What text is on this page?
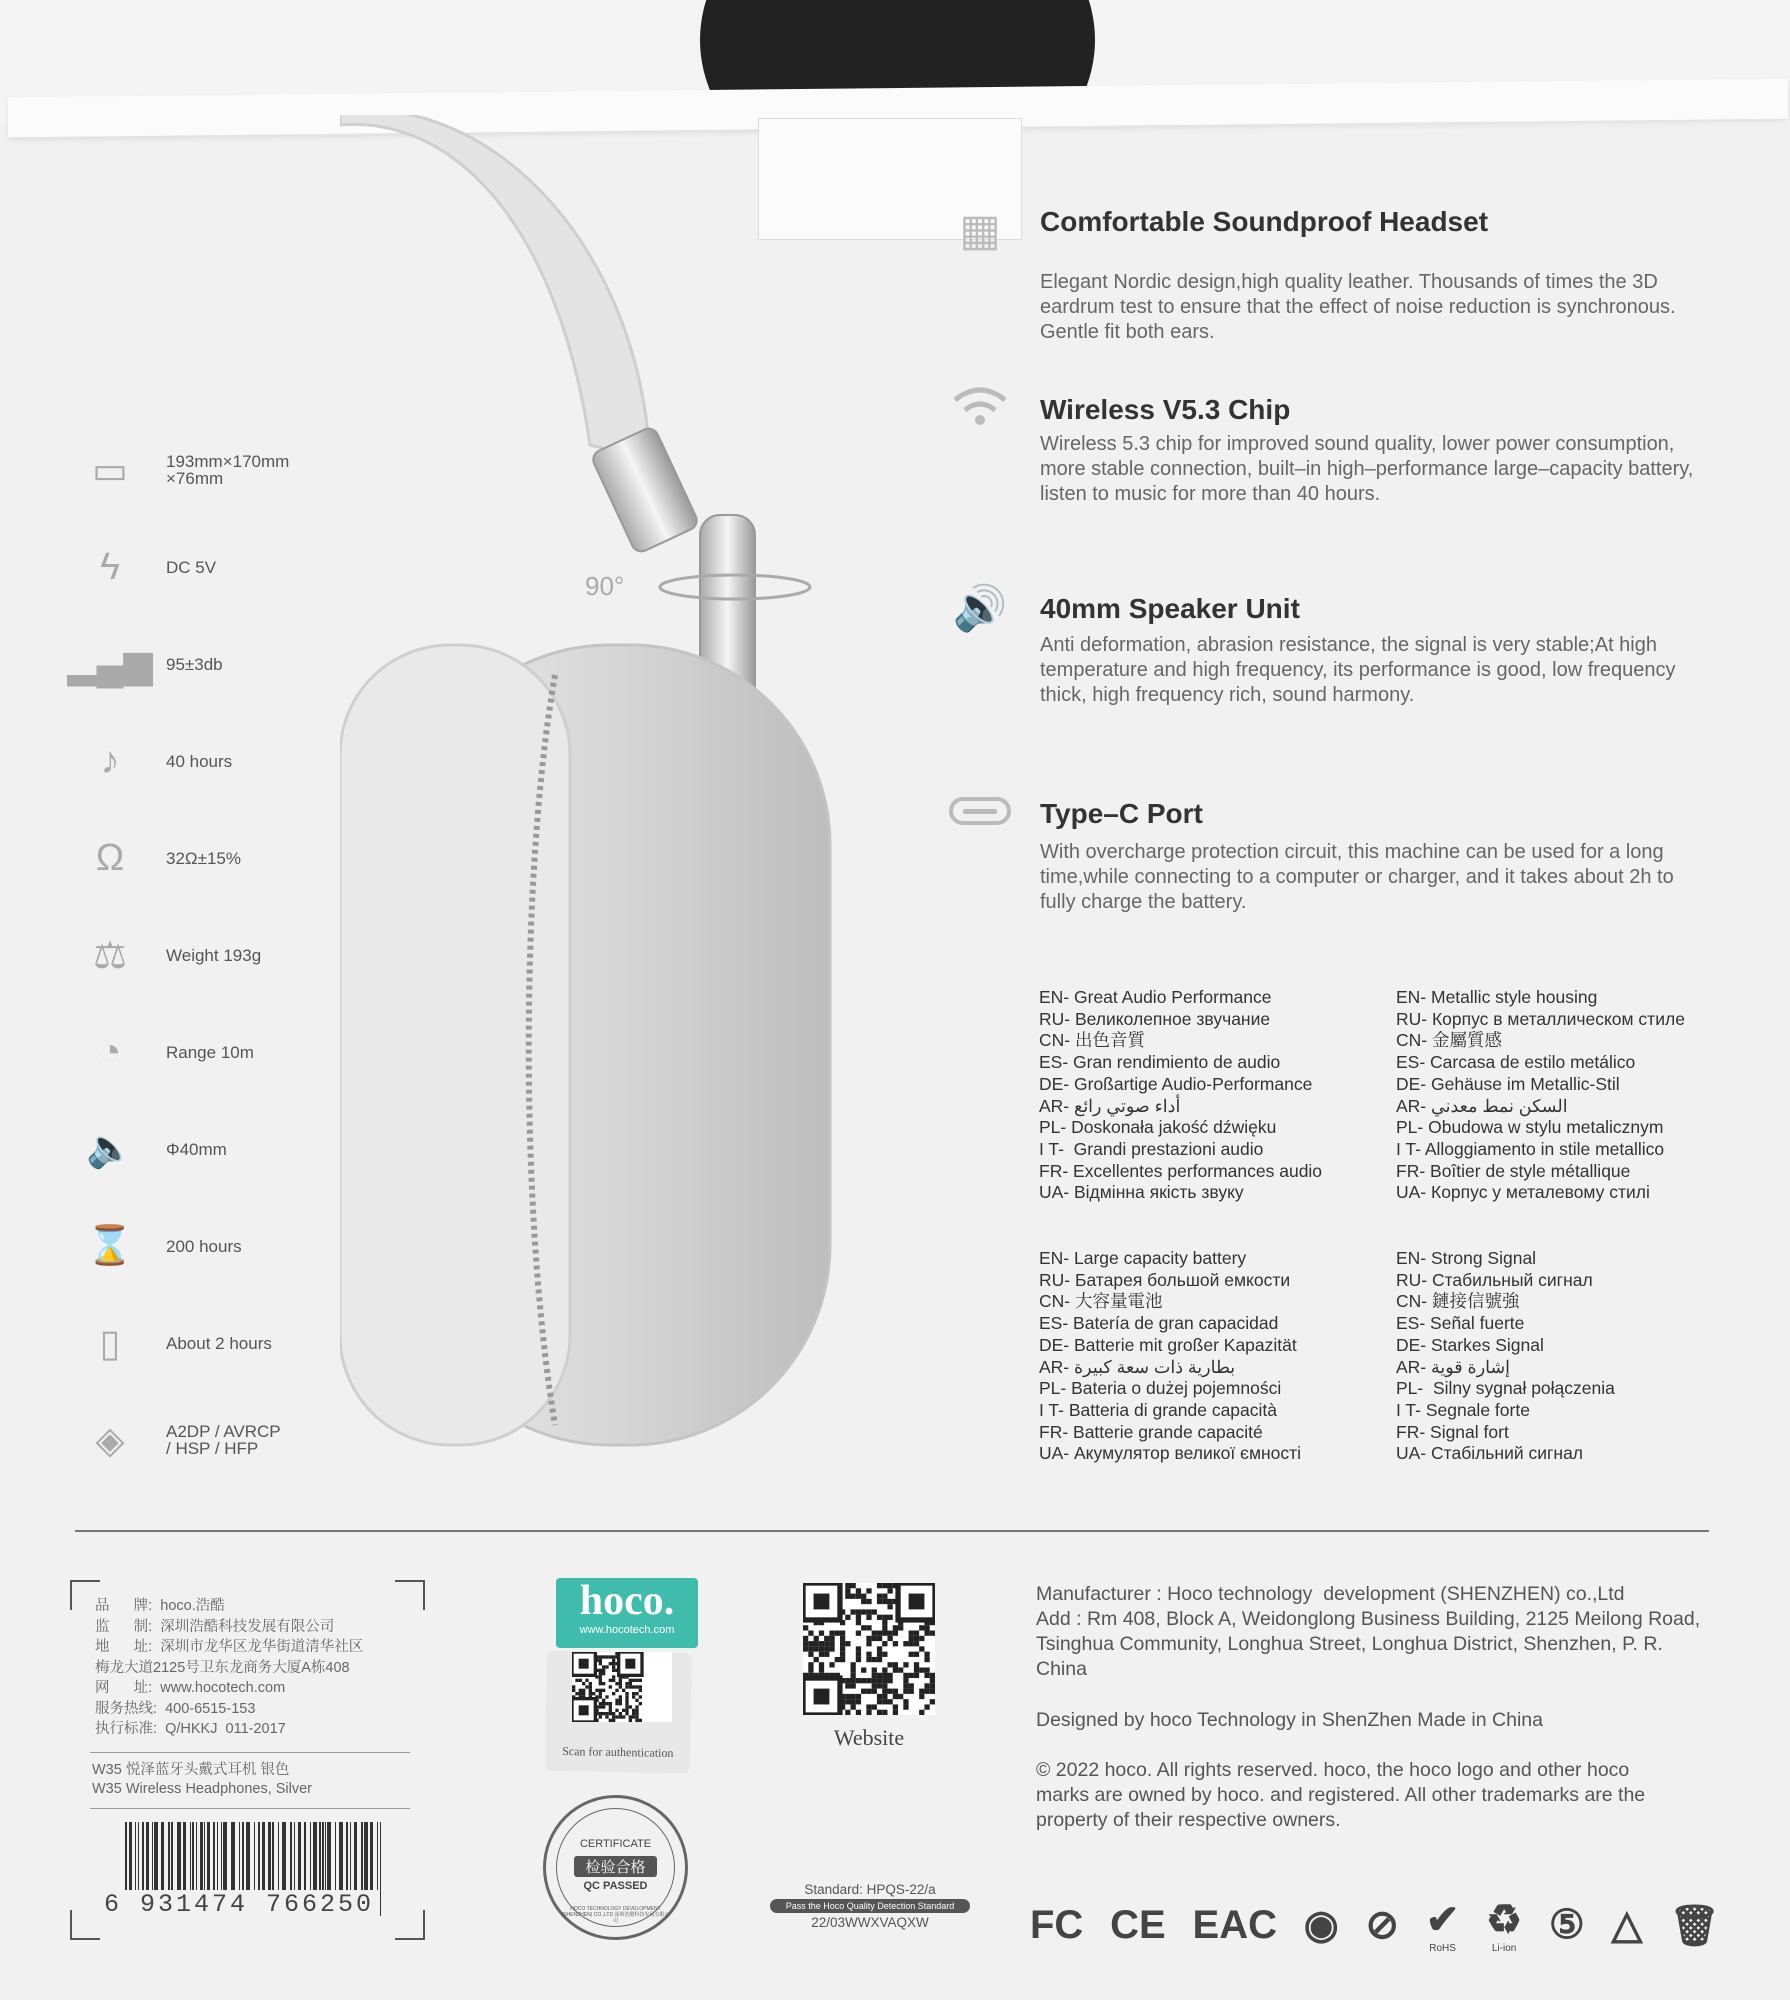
90°
▭	193mm×170mm
×76mm
ϟ	DC 5V
▂▄▆ 95±3db
♪	40 hours
Ω	32Ω±15%
⚖	Weight 193g
◔	Range 10m
🔈	Φ40mm
⌛	200 hours
▯	About 2 hours
◈	A2DP / AVRCP
/ HSP / HFP
▦	Comfortable Soundproof Headset
Elegant Nordic design,high quality leather. Thousands of times the 3D eardrum test to ensure that the effect of noise reduction is synchronous. Gentle fit both ears.
Wireless V5.3 Chip
Wireless 5.3 chip for improved sound quality, lower power consumption, more stable connection, built–in high–performance large–capacity battery, listen to music for more than 40 hours.
🔊	40mm Speaker Unit
Anti deformation, abrasion resistance, the signal is very stable;At high temperature and high frequency, its performance is good, low frequency thick, high frequency rich, sound harmony.
Type–C Port
With overcharge protection circuit, this machine can be used for a long time,while connecting to a computer or charger, and it takes about 2h to fully charge the battery.
EN- Great Audio Performance
RU- Великолепное звучание
CN- 出色音質
ES- Gran rendimiento de audio
DE- Großartige Audio-Performance
AR- أداء صوتي رائع
PL- Doskonała jakość dźwięku
I T-  Grandi prestazioni audio
FR- Excellentes performances audio
UA- Відмінна якість звуку
EN- Metallic style housing
RU- Корпус в металлическом стиле
CN- 金屬質感
ES- Carcasa de estilo metálico
DE- Gehäuse im Metallic-Stil
AR- السكن نمط معدني
PL- Obudowa w stylu metalicznym
I T- Alloggiamento in stile metallico
FR- Boîtier de style métallique
UA- Корпус у металевому стилі
EN- Large capacity battery
RU- Батарея большой емкости
CN- 大容量電池
ES- Batería de gran capacidad
DE- Batterie mit großer Kapazität
AR- بطارية ذات سعة كبيرة
PL- Bateria o dużej pojemności
I T- Batteria di grande capacità
FR- Batterie grande capacité
UA- Акумулятор великої ємності
EN- Strong Signal
RU- Стабильный сигнал
CN- 鏈接信號強
ES- Señal fuerte
DE- Starkes Signal
AR- إشارة قوية
PL-  Silny sygnał połączenia
I T- Segnale forte
FR- Signal fort
UA- Стабільний сигнал
品      牌:  hoco.浩酷
监      制:  深圳浩酷科技发展有限公司
地      址:  深圳市龙华区龙华街道清华社区
梅龙大道2125号卫东龙商务大厦A栋408
网      址:  www.hocotech.com
服务热线:  400-6515-153
执行标准:  Q/HKKJ  011-2017
W35 悦泽蓝牙头戴式耳机 银色
W35 Wireless Headphones, Silver
6 931474 766250
Scan for authentication
hoco.
www.hocotech.com
CERTIFICATE
检验合格
QC PASSED
HOCO TECHNOLOGY DEVELOPMENT (SHENZHEN) CO.,LTD 深圳浩酷科技发展有限公司
Website
Standard: HPQS-22/a
Pass the Hoco Quality Detection Standard
22/03WWXVAQXW
Manufacturer : Hoco technology  development (SHENZHEN) co.,Ltd
Add : Rm 408, Block A, Weidonglong Business Building, 2125 Meilong Road, Tsinghua Community, Longhua Street, Longhua District, Shenzhen, P. R. China
Designed by hoco Technology in ShenZhen Made in China
© 2022 hoco. All rights reserved. hoco, the hoco logo and other hoco marks are owned by hoco. and registered. All other trademarks are the property of their respective owners.
FC CE EAC ◉ ⊘ ✔
RoHS
♻
Li-ion
⑤ △ 🗑
